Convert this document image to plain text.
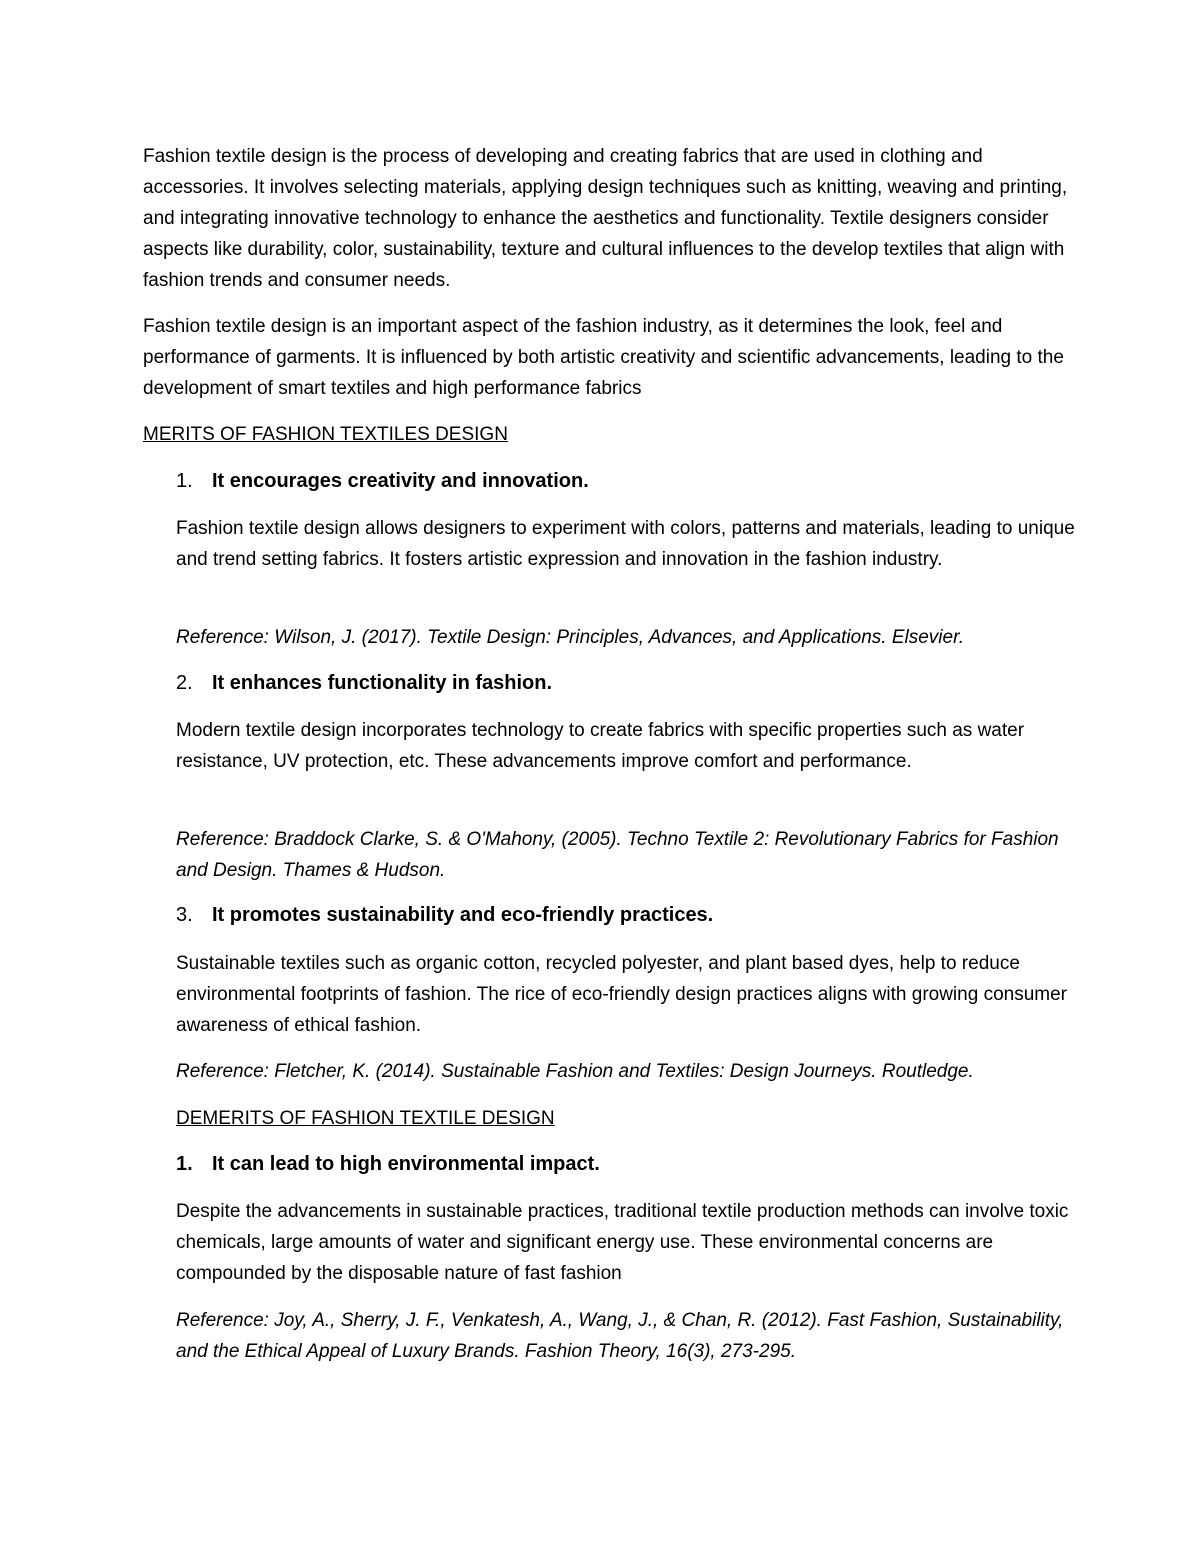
Fashion textile design is the process of developing and creating fabrics that are used in clothing and accessories. It involves selecting materials, applying design techniques such as knitting, weaving and printing, and integrating innovative technology to enhance the aesthetics and functionality. Textile designers consider aspects like durability, color, sustainability, texture and cultural influences to the develop textiles that align with fashion trends and consumer needs.

Fashion textile design is an important aspect of the fashion industry, as it determines the look, feel and performance of garments. It is influenced by both artistic creativity and scientific advancements, leading to the development of smart textiles and high performance fabrics

MERITS OF FASHION TEXTILES DESIGN

1. It encourages creativity and innovation.

Fashion textile design allows designers to experiment with colors, patterns and materials, leading to unique and trend setting fabrics. It fosters artistic expression and innovation in the fashion industry.

Reference: Wilson, J. (2017). Textile Design: Principles, Advances, and Applications. Elsevier.

2. It enhances functionality in fashion.

Modern textile design incorporates technology to create fabrics with specific properties such as water resistance, UV protection, etc. These advancements improve comfort and performance.

Reference: Braddock Clarke, S. & O'Mahony, (2005). Techno Textile 2: Revolutionary Fabrics for Fashion and Design. Thames & Hudson.

3. It promotes sustainability and eco-friendly practices.

Sustainable textiles such as organic cotton, recycled polyester, and plant based dyes, help to reduce environmental footprints of fashion. The rice of eco-friendly design practices aligns with growing consumer awareness of ethical fashion.

Reference: Fletcher, K. (2014). Sustainable Fashion and Textiles: Design Journeys. Routledge.

DEMERITS OF FASHION TEXTILE DESIGN

1. It can lead to high environmental impact.

Despite the advancements in sustainable practices, traditional textile production methods can involve toxic chemicals, large amounts of water and significant energy use. These environmental concerns are compounded by the disposable nature of fast fashion

Reference: Joy, A., Sherry, J. F., Venkatesh, A., Wang, J., & Chan, R. (2012). Fast Fashion, Sustainability, and the Ethical Appeal of Luxury Brands. Fashion Theory, 16(3), 273-295.
